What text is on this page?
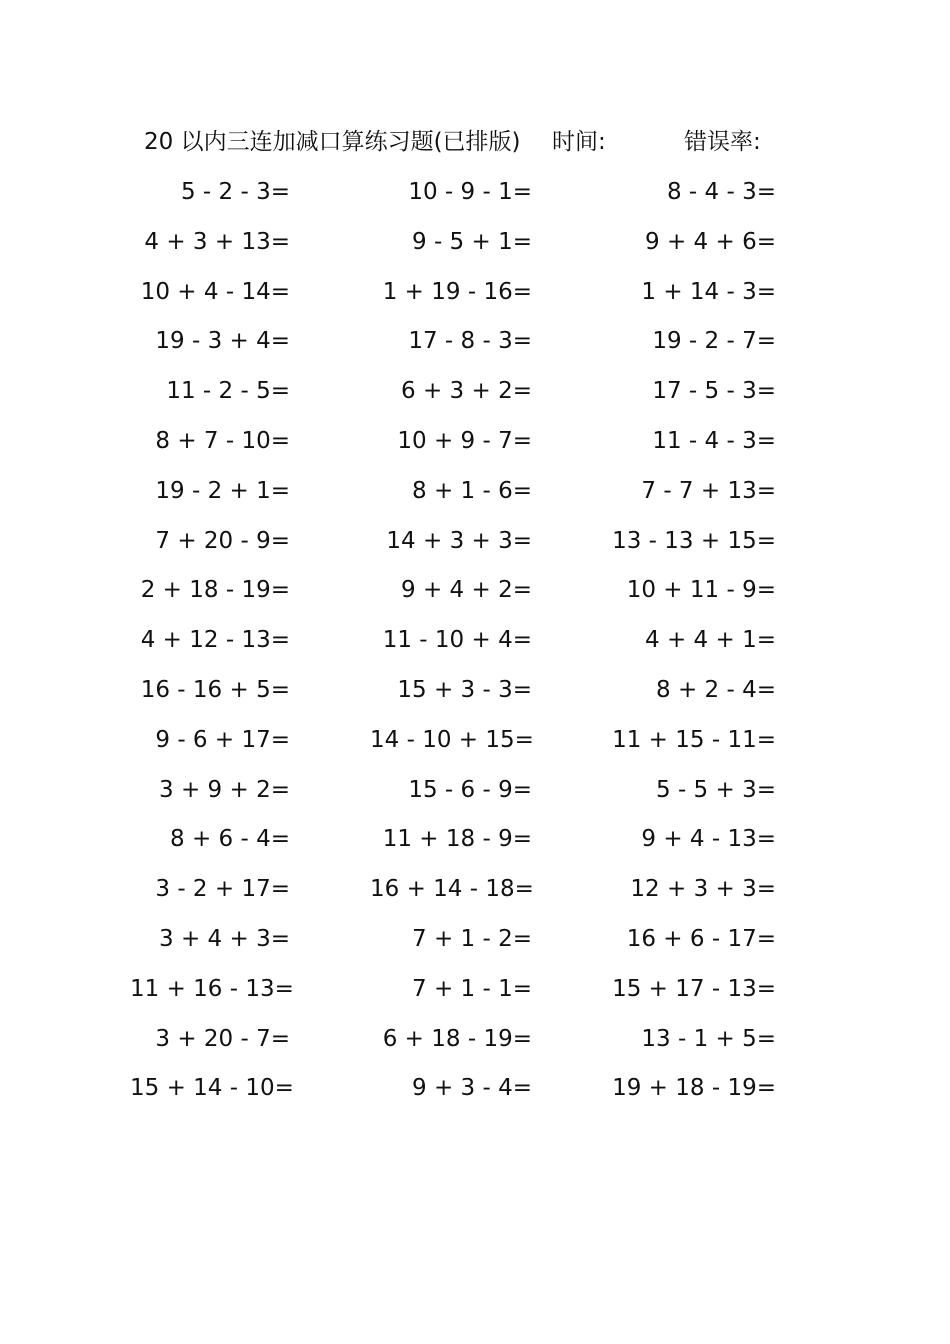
20 以内三连加减口算练习题(已排版) 时间:	错误率:
5 - 2 - 3=	10 - 9 - 1=	8 - 4 - 3=
4 + 3 + 13=	9 - 5 + 1=	9 + 4 + 6=
10 + 4 - 14=	1 + 19 - 16=	1 + 14 - 3=
19 - 3 + 4=	17 - 8 - 3=	19 - 2 - 7=
11 - 2 - 5=	6 + 3 + 2=	17 - 5 - 3=
8 + 7 - 10=	10 + 9 - 7=	11 - 4 - 3=
19 - 2 + 1=	8 + 1 - 6=	7 - 7 + 13=
7 + 20 - 9=	14 + 3 + 3=	13 - 13 + 15=
2 + 18 - 19=	9 + 4 + 2=	10 + 11 - 9=
4 + 12 - 13=	11 - 10 + 4=	4 + 4 + 1=
16 - 16 + 5=	15 + 3 - 3=	8 + 2 - 4=
9 - 6 + 17=	14 - 10 + 15=	11 + 15 - 11=
3 + 9 + 2=	15 - 6 - 9=	5 - 5 + 3=
8 + 6 - 4=	11 + 18 - 9=	9 + 4 - 13=
3 - 2 + 17=	16 + 14 - 18=	12 + 3 + 3=
3 + 4 + 3=	7 + 1 - 2=	16 + 6 - 17=
11 + 16 - 13=	7 + 1 - 1=	15 + 17 - 13=
3 + 20 - 7=	6 + 18 - 19=	13 - 1 + 5=
15 + 14 - 10=	9 + 3 - 4=	19 + 18 - 19=
